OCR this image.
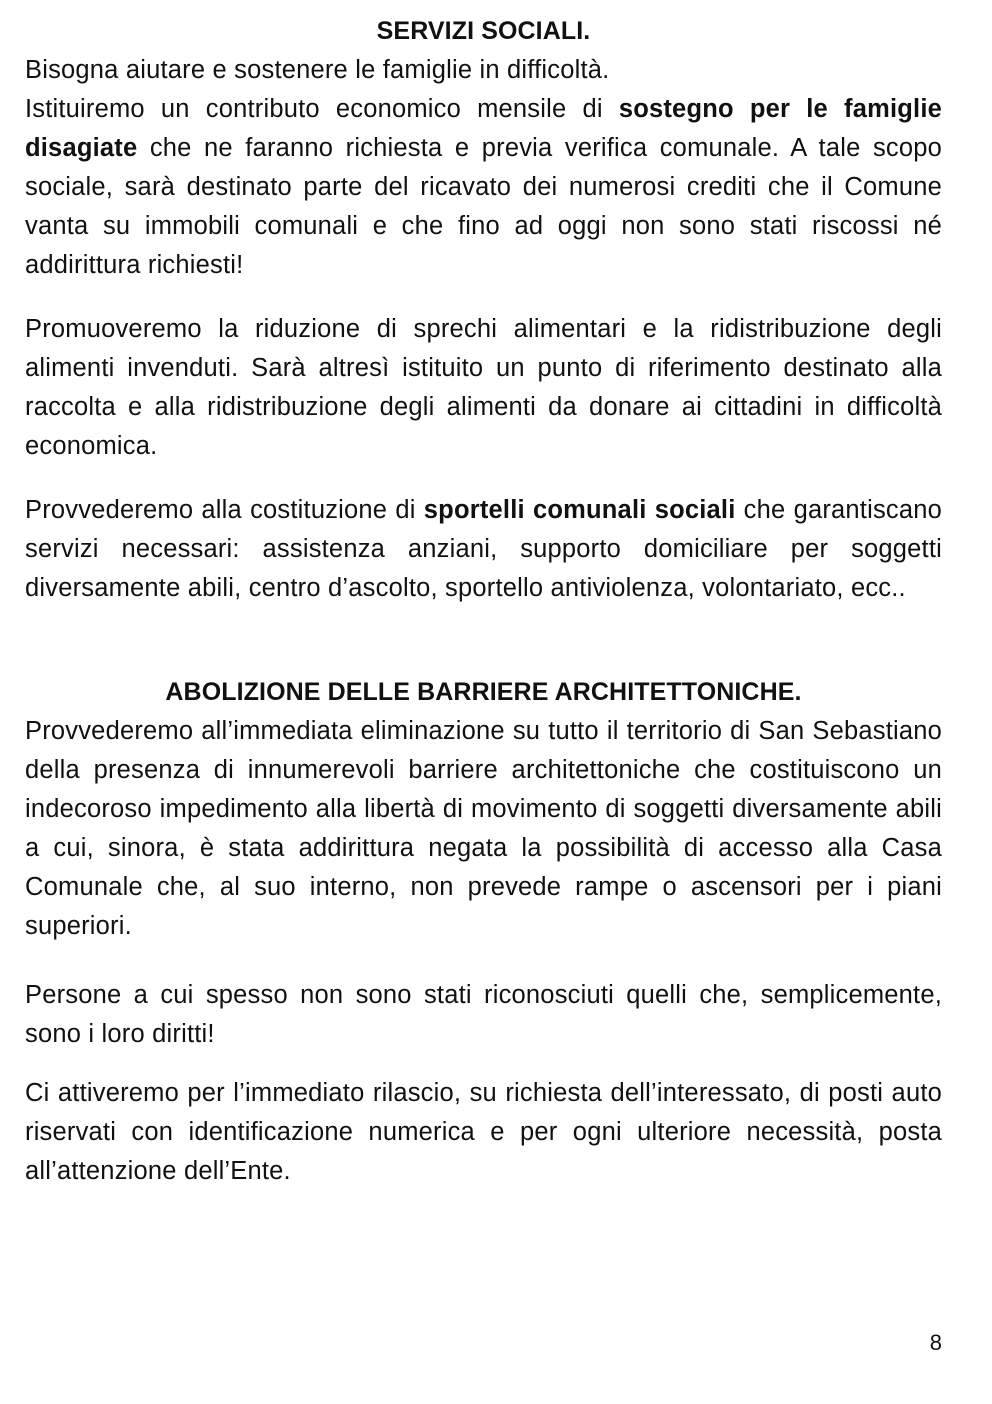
SERVIZI SOCIALI.

Bisogna aiutare e sostenere le famiglie in difficoltà.
Istituiremo un contributo economico mensile di sostegno per le famiglie disagiate che ne faranno richiesta e previa verifica comunale. A tale scopo sociale, sarà destinato parte del ricavato dei numerosi crediti che il Comune vanta su immobili comunali e che fino ad oggi non sono stati riscossi né addirittura richiesti!

Promuoveremo la riduzione di sprechi alimentari e la ridistribuzione degli alimenti invenduti. Sarà altresì istituito un punto di riferimento destinato alla raccolta e alla ridistribuzione degli alimenti da donare ai cittadini in difficoltà economica.

Provvederemo alla costituzione di sportelli comunali sociali che garantiscano servizi necessari: assistenza anziani, supporto domiciliare per soggetti diversamente abili, centro d’ascolto, sportello antiviolenza, volontariato, ecc..

ABOLIZIONE DELLE BARRIERE ARCHITETTONICHE.

Provvederemo all’immediata eliminazione su tutto il territorio di San Sebastiano della presenza di innumerevoli barriere architettoniche che costituiscono un indecoroso impedimento alla libertà di movimento di soggetti diversamente abili a cui, sinora, è stata addirittura negata la possibilità di accesso alla Casa Comunale che, al suo interno, non prevede rampe o ascensori per i piani superiori.

Persone a cui spesso non sono stati riconosciuti quelli che, semplicemente, sono i loro diritti!

Ci attiveremo per l’immediato rilascio, su richiesta dell’interessato, di posti auto riservati con identificazione numerica e per ogni ulteriore necessità, posta all’attenzione dell’Ente.

8
